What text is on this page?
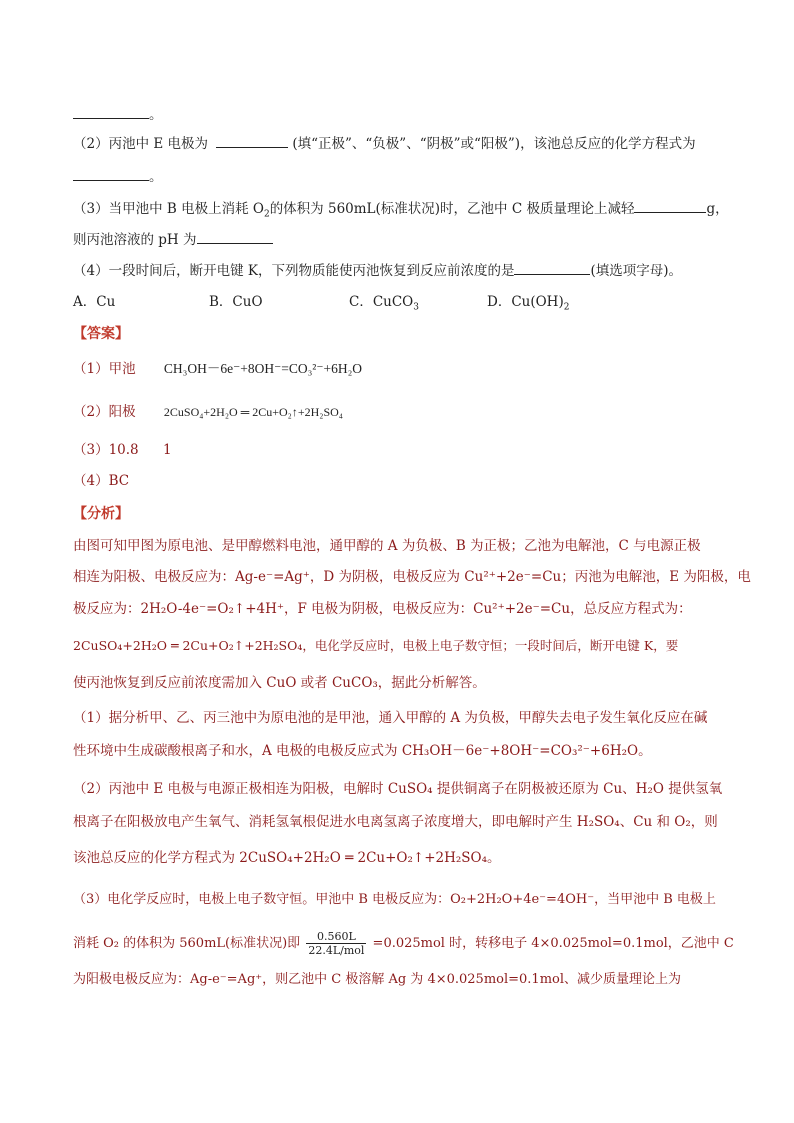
。
（2）丙池中 E 电极为	(填“正极”、“负极”、“阴极”或“阳极”)，该池总反应的化学方程式为
。
（3）当甲池中 B 电极上消耗 $O_2$的体积为 560mL(标准状况)时，乙池中 C 极质量理论上减轻	g，
则丙池溶液的 pH 为
（4）一段时间后，断开电键 K，下列物质能使丙池恢复到反应前浓度的是	(填选项字母)。
A．Cu	B．CuO	C．CuCO$_3$	D．$Cu(OH)_2$
【答案】
（1）甲池 CH₃OH－6e⁻+8OH⁻=CO₃²⁻+6H₂O
（2）阳极 2CuSO₄+2H₂O ═ 2Cu+O₂↑+2H₂SO₄
（3）10.8 1
（4）BC
【分析】
由图可知甲图为原电池、是甲醇燃料电池，通甲醇的 A 为负极、B 为正极；乙池为电解池，C 与电源正极
相连为阳极、电极反应为：Ag-e⁻=Ag⁺，D 为阴极，电极反应为 Cu²⁺+2e⁻=Cu；丙池为电解池，E 为阳极，电
极反应为：2H₂O-4e⁻=O₂↑+4H⁺，F 电极为阴极，电极反应为：Cu²⁺+2e⁻=Cu，总反应方程式为：
2CuSO₄+2H₂O ═ 2Cu+O₂↑+2H₂SO₄，电化学反应时，电极上电子数守恒；一段时间后，断开电键 K，要
使丙池恢复到反应前浓度需加入 CuO 或者 CuCO₃，据此分析解答。
（1）据分析甲、乙、丙三池中为原电池的是甲池，通入甲醇的 A 为负极，甲醇失去电子发生氧化反应在碱
性环境中生成碳酸根离子和水，A 电极的电极反应式为 CH₃OH－6e⁻+8OH⁻=CO₃²⁻+6H₂O。
（2）丙池中 E 电极与电源正极相连为阳极，电解时 CuSO₄ 提供铜离子在阴极被还原为 Cu、H₂O 提供氢氧
根离子在阳极放电产生氧气、消耗氢氧根促进水电离氢离子浓度增大，即电解时产生 H₂SO₄、Cu 和 O₂，则
该池总反应的化学方程式为 2CuSO₄+2H₂O ═ 2Cu+O₂↑+2H₂SO₄。
（3）电化学反应时，电极上电子数守恒。甲池中 B 电极反应为：O₂+2H₂O+4e⁻=4OH⁻，当甲池中 B 电极上
消耗 O₂ 的体积为 560mL(标准状况)即 $\frac{0.560L}{\text{22.4L/mol}} =0.025mol$ 时，转移电子 4×0.025mol=0.1mol，乙池中 C
为阳极电极反应为：Ag-e⁻=Ag⁺，则乙池中 C 极溶解 Ag 为 4×0.025mol=0.1mol、减少质量理论上为
